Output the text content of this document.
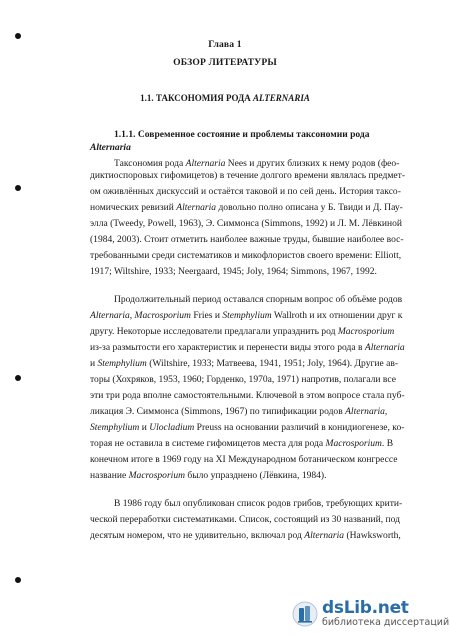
Глава 1
ОБЗОР ЛИТЕРАТУРЫ
1.1. ТАКСОНОМИЯ РОДА ALTERNARIA
1.1.1. Современное состояние и проблемы таксономии рода
Alternaria
Таксономия рода Alternaria Nees и других близких к нему родов (фео-
диктиоспоровых гифомицетов) в течение долгого времени являлась предмет-
ом оживлённых дискуссий и остаётся таковой и по сей день. История таксо-
номических ревизий Alternaria довольно полно описана у Б. Твиди и Д. Пау-
элла (Tweedy, Powell, 1963), Э. Симмонса (Simmons, 1992) и Л. М. Лёвкиной
(1984, 2003). Стоит отметить наиболее важные труды, бывшие наиболее вос-
требованными среди систематиков и микофлористов своего времени: Elliott,
1917; Wiltshire, 1933; Neergaard, 1945; Joly, 1964; Simmons, 1967, 1992.
Продолжительный период оставался спорным вопрос об объёме родов
Alternaria, Macrosporium Fries и Stemphylium Wallroth и их отношении друг к
другу. Некоторые исследователи предлагали упразднить род Macrosporium
из-за размытости его характеристик и перенести виды этого рода в Alternaria
и Stemphylium (Wiltshire, 1933; Матвеева, 1941, 1951; Joly, 1964). Другие ав-
торы (Хохряков, 1953, 1960; Горденко, 1970а, 1971) напротив, полагали все
эти три рода вполне самостоятельными. Ключевой в этом вопросе стала пуб-
ликация Э. Симмонса (Simmons, 1967) по типификации родов Alternaria,
Stemphylium и Ulocladium Preuss на основании различий в конидиогенезе, ко-
торая не оставила в системе гифомицетов места для рода Macrosporium. В
конечном итоге в 1969 году на XI Международном ботаническом конгрессе
название Macrosporium было упразднено (Лёвкина, 1984).
В 1986 году был опубликован список родов грибов, требующих крити-
ческой переработки систематиками. Список, состоящий из 30 названий, под
десятым номером, что не удивительно, включал род Alternaria (Hawksworth,
dsLib.net
библиотека диссертаций
